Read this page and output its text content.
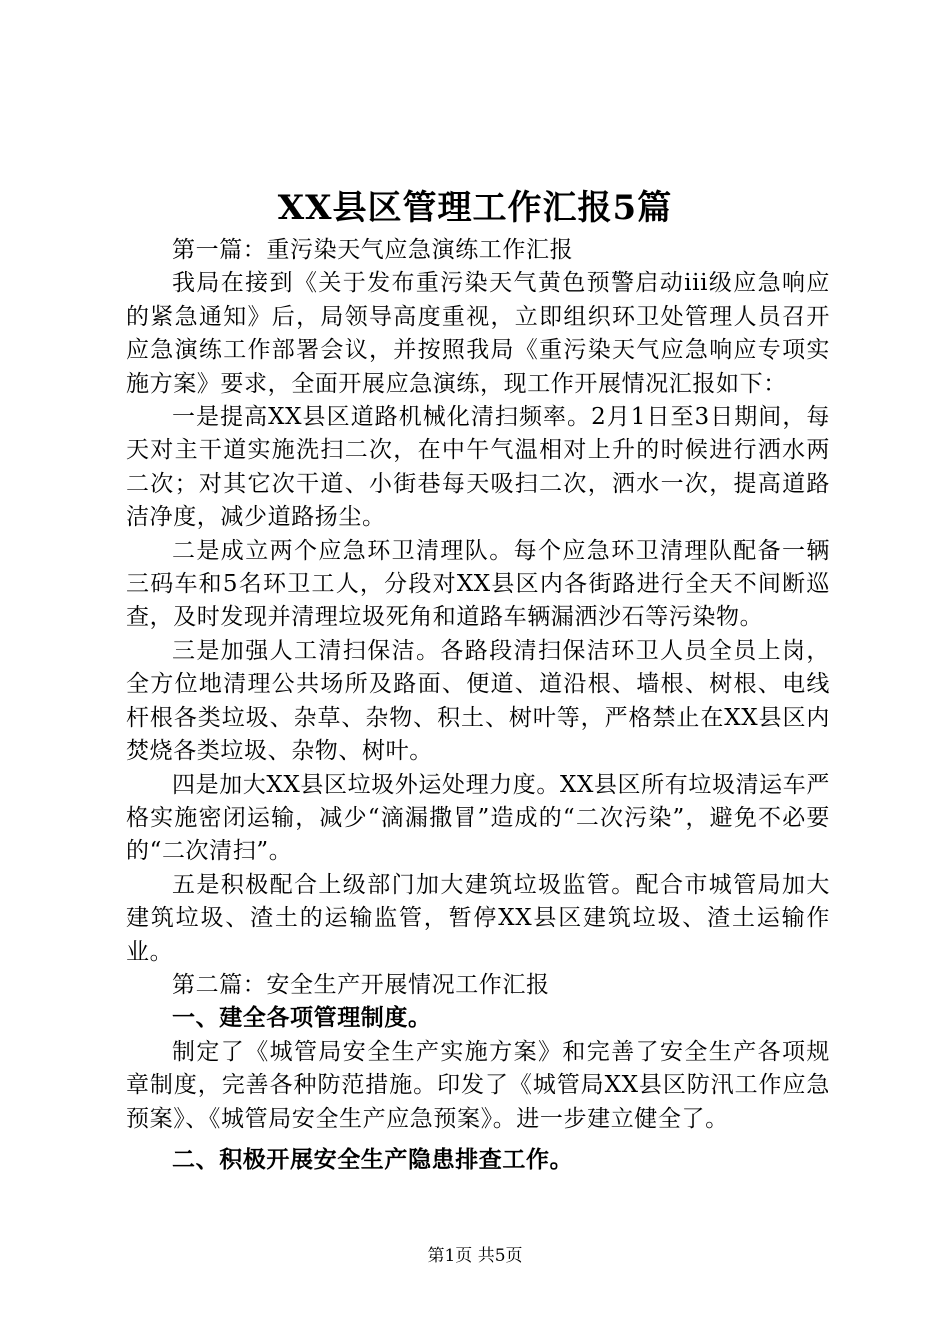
XX县区管理工作汇报5篇

第一篇：重污染天气应急演练工作汇报

我局在接到《关于发布重污染天气黄色预警启动iii级应急响应的紧急通知》后，局领导高度重视，立即组织环卫处管理人员召开应急演练工作部署会议，并按照我局《重污染天气应急响应专项实施方案》要求，全面开展应急演练，现工作开展情况汇报如下：

一是提高XX县区道路机械化清扫频率。2月1日至3日期间，每天对主干道实施洗扫二次，在中午气温相对上升的时候进行洒水两二次；对其它次干道、小街巷每天吸扫二次，洒水一次，提高道路洁净度，减少道路扬尘。

二是成立两个应急环卫清理队。每个应急环卫清理队配备一辆三码车和5名环卫工人，分段对XX县区内各街路进行全天不间断巡查，及时发现并清理垃圾死角和道路车辆漏洒沙石等污染物。

三是加强人工清扫保洁。各路段清扫保洁环卫人员全员上岗，全方位地清理公共场所及路面、便道、道沿根、墙根、树根、电线杆根各类垃圾、杂草、杂物、积土、树叶等，严格禁止在XX县区内焚烧各类垃圾、杂物、树叶。

四是加大XX县区垃圾外运处理力度。XX县区所有垃圾清运车严格实施密闭运输，减少“滴漏撒冒”造成的“二次污染”，避免不必要的“二次清扫”。

五是积极配合上级部门加大建筑垃圾监管。配合市城管局加大建筑垃圾、渣土的运输监管，暂停XX县区建筑垃圾、渣土运输作业。

第二篇：安全生产开展情况工作汇报

一、建全各项管理制度。

制定了《城管局安全生产实施方案》和完善了安全生产各项规章制度，完善各种防范措施。印发了《城管局XX县区防汛工作应急预案》、《城管局安全生产应急预案》。进一步建立健全了。

二、积极开展安全生产隐患排查工作。

第1页 共5页
